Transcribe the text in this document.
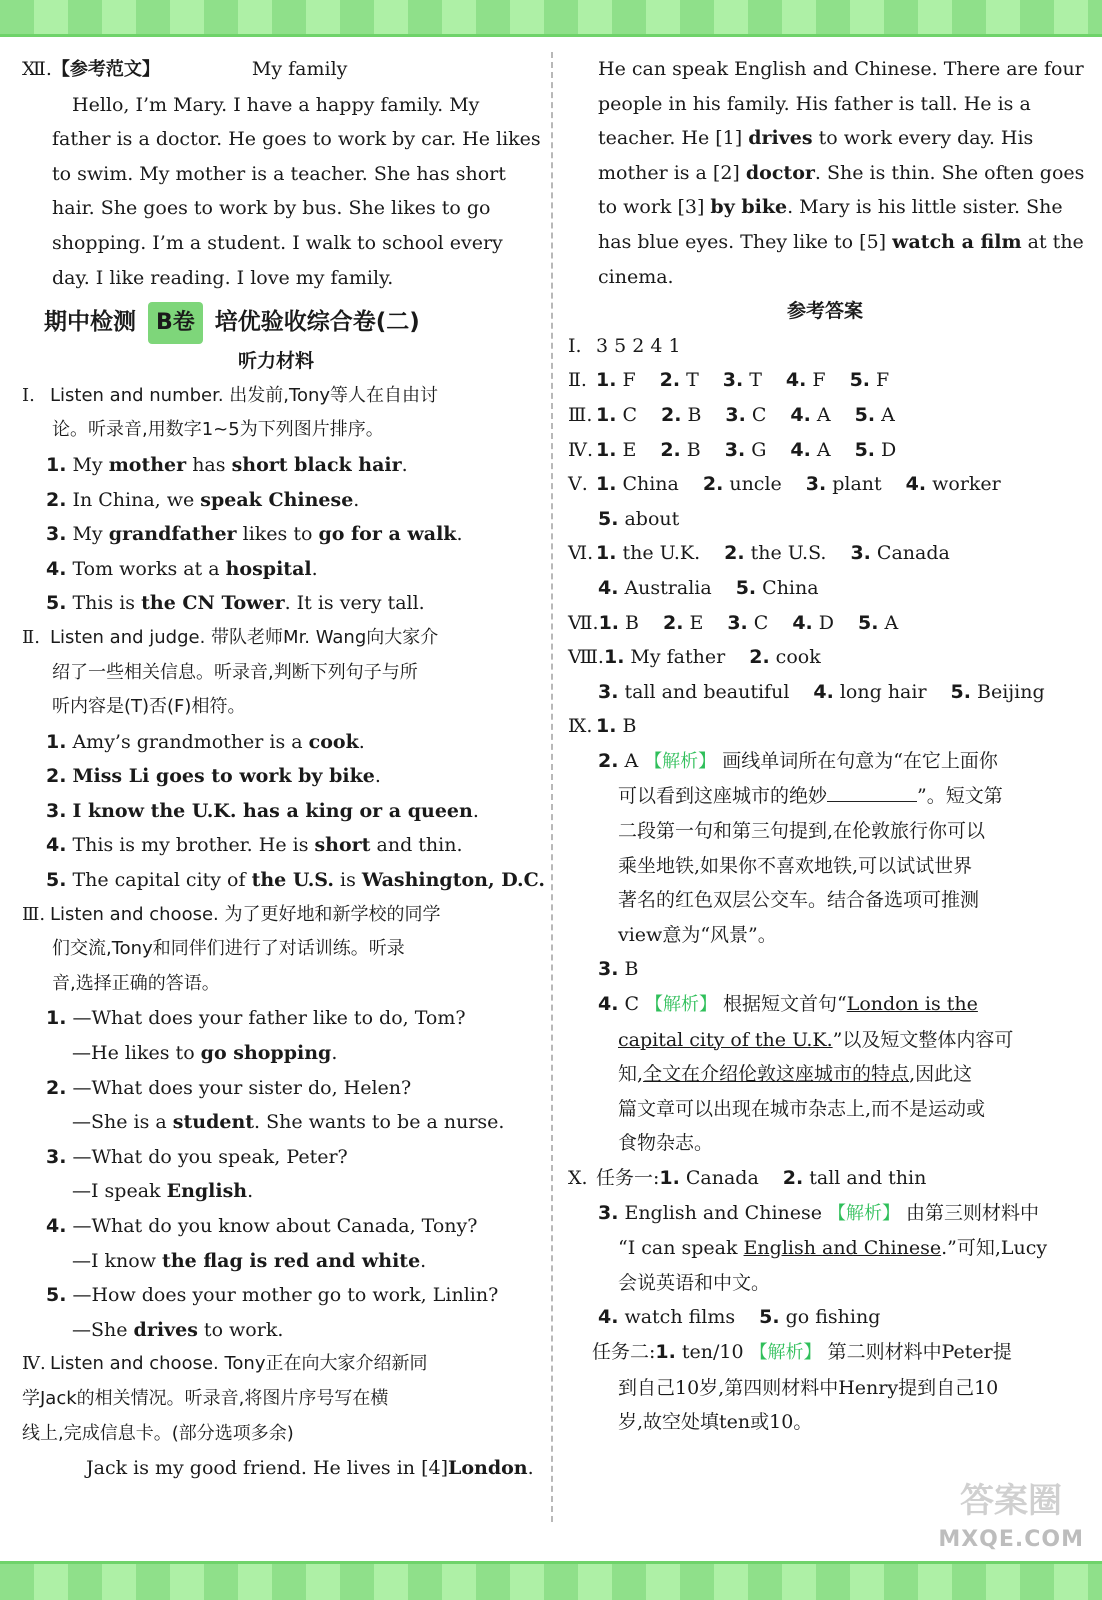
Ⅻ.【参考范文】	My family
Hello, I’m Mary. I have a happy family. My
father is a doctor. He goes to work by car. He likes
to swim. My mother is a teacher. She has short
hair. She goes to work by bus. She likes to go
shopping. I’m a student. I walk to school every
day. I like reading. I love my family.
期中检测 B卷 培优验收综合卷(二)
听力材料
Ⅰ. Listen and number. 出发前,Tony等人在自由讨
论。听录音,用数字1~5为下列图片排序。
1. My mother has short black hair.
2. In China, we speak Chinese.
3. My grandfather likes to go for a walk.
4. Tom works at a hospital.
5. This is the CN Tower. It is very tall.
Ⅱ. Listen and judge. 带队老师Mr. Wang向大家介
绍了一些相关信息。听录音,判断下列句子与所
听内容是(T)否(F)相符。
1. Amy’s grandmother is a cook.
2. Miss Li goes to work by bike.
3. I know the U.K. has a king or a queen.
4. This is my brother. He is short and thin.
5. The capital city of the U.S. is Washington, D.C.
Ⅲ. Listen and choose. 为了更好地和新学校的同学
们交流,Tony和同伴们进行了对话训练。听录
音,选择正确的答语。
1. —What does your father like to do, Tom?
—He likes to go shopping.
2. —What does your sister do, Helen?
—She is a student. She wants to be a nurse.
3. —What do you speak, Peter?
—I speak English.
4. —What do you know about Canada, Tony?
—I know the flag is red and white.
5. —How does your mother go to work, Linlin?
—She drives to work.
Ⅳ. Listen and choose. Tony正在向大家介绍新同
学Jack的相关情况。听录音,将图片序号写在横
线上,完成信息卡。(部分选项多余)
Jack is my good friend. He lives in [4]London.
He can speak English and Chinese. There are four
people in his family. His father is tall. He is a
teacher. He [1] drives to work every day. His
mother is a [2] doctor. She is thin. She often goes
to work [3] by bike. Mary is his little sister. She
has blue eyes. They like to [5] watch a film at the
cinema.
参考答案
Ⅰ. 3 5 2 4 1
Ⅱ. 1. F 2. T 3. T 4. F 5. F
Ⅲ. 1. C 2. B 3. C 4. A 5. A
Ⅳ. 1. E 2. B 3. G 4. A 5. D
Ⅴ. 1. China 2. uncle 3. plant 4. worker
5. about
Ⅵ. 1. the U.K. 2. the U.S. 3. Canada
4. Australia 5. China
Ⅶ.1. B 2. E 3. C 4. D 5. A
Ⅷ.1. My father 2. cook
3. tall and beautiful 4. long hair 5. Beijing
Ⅸ. 1. B
2. A 【解析】 画线单词所在句意为“在它上面你
可以看到这座城市的绝妙	”。短文第
二段第一句和第三句提到,在伦敦旅行你可以
乘坐地铁,如果你不喜欢地铁,可以试试世界
著名的红色双层公交车。结合备选项可推测
view意为“风景”。
3. B
4. C 【解析】 根据短文首句“London is the
capital city of the U.K.”以及短文整体内容可
知,全文在介绍伦敦这座城市的特点,因此这
篇文章可以出现在城市杂志上,而不是运动或
食物杂志。
Ⅹ. 任务一:1. Canada 2. tall and thin
3. English and Chinese 【解析】 由第三则材料中
“I can speak English and Chinese.”可知,Lucy
会说英语和中文。
4. watch films 5. go fishing
任务二:1. ten/10 【解析】 第二则材料中Peter提
到自己10岁,第四则材料中Henry提到自己10
岁,故空处填ten或10。
答案圈
MXQE.COM
